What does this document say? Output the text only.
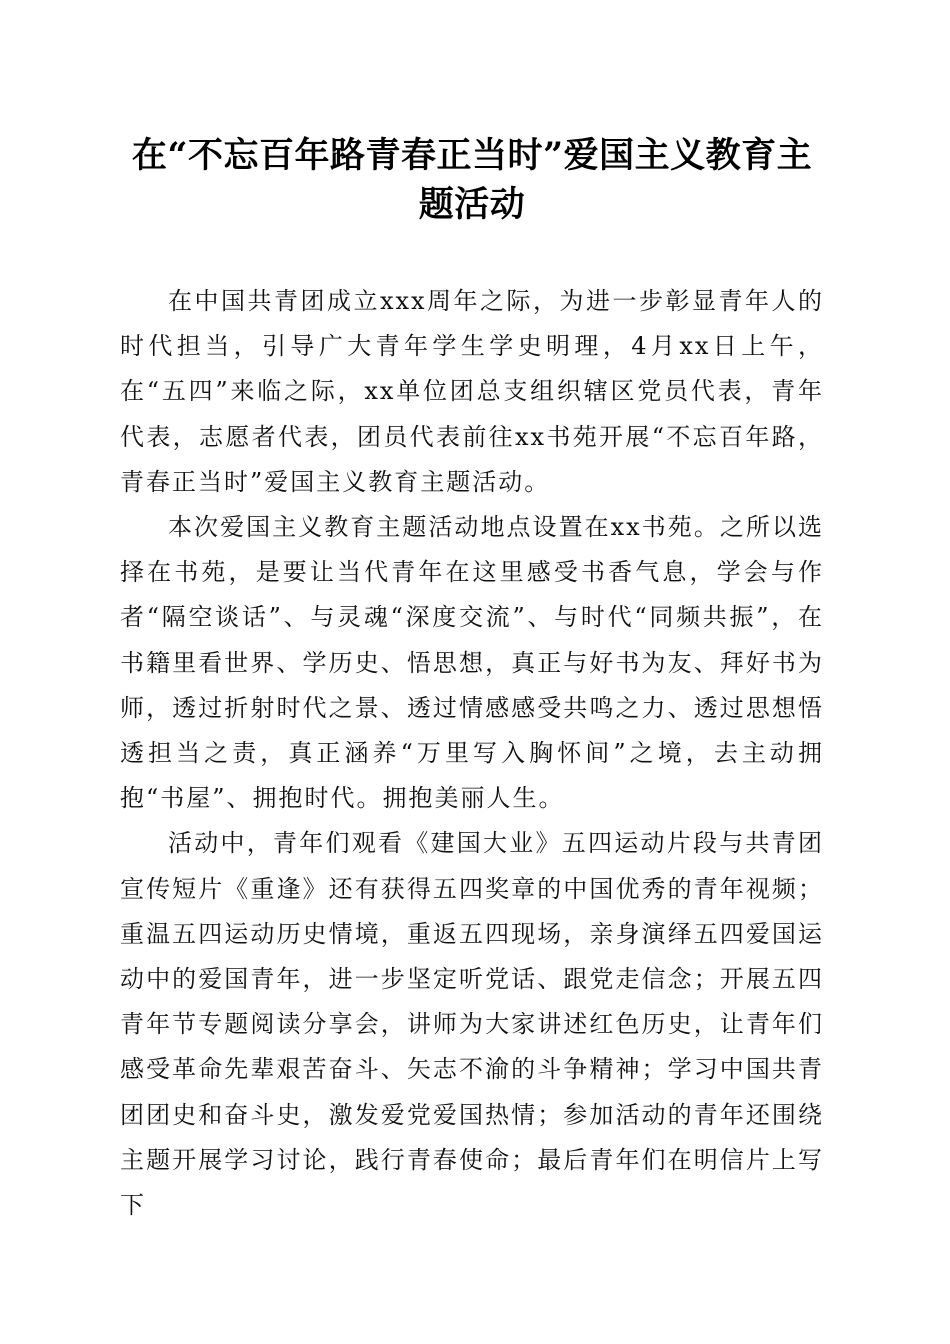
在“不忘百年路青春正当时”爱国主义教育主题活动

在中国共青团成立xxx周年之际，为进一步彰显青年人的时代担当，引导广大青年学生学史明理，4月xx日上午，在“五四”来临之际，xx单位团总支组织辖区党员代表，青年代表，志愿者代表，团员代表前往xx书苑开展“不忘百年路，青春正当时”爱国主义教育主题活动。

本次爱国主义教育主题活动地点设置在xx书苑。之所以选择在书苑，是要让当代青年在这里感受书香气息，学会与作者“隔空谈话”、与灵魂“深度交流”、与时代“同频共振”，在书籍里看世界、学历史、悟思想，真正与好书为友、拜好书为师，透过折射时代之景、透过情感感受共鸣之力、透过思想悟透担当之责，真正涵养“万里写入胸怀间”之境，去主动拥抱“书屋”、拥抱时代。拥抱美丽人生。

活动中，青年们观看《建国大业》五四运动片段与共青团宣传短片《重逢》还有获得五四奖章的中国优秀的青年视频；重温五四运动历史情境，重返五四现场，亲身演绎五四爱国运动中的爱国青年，进一步坚定听党话、跟党走信念；开展五四青年节专题阅读分享会，讲师为大家讲述红色历史，让青年们感受革命先辈艰苦奋斗、矢志不渝的斗争精神；学习中国共青团团史和奋斗史，激发爱党爱国热情；参加活动的青年还围绕主题开展学习讨论，践行青春使命；最后青年们在明信片上写下
